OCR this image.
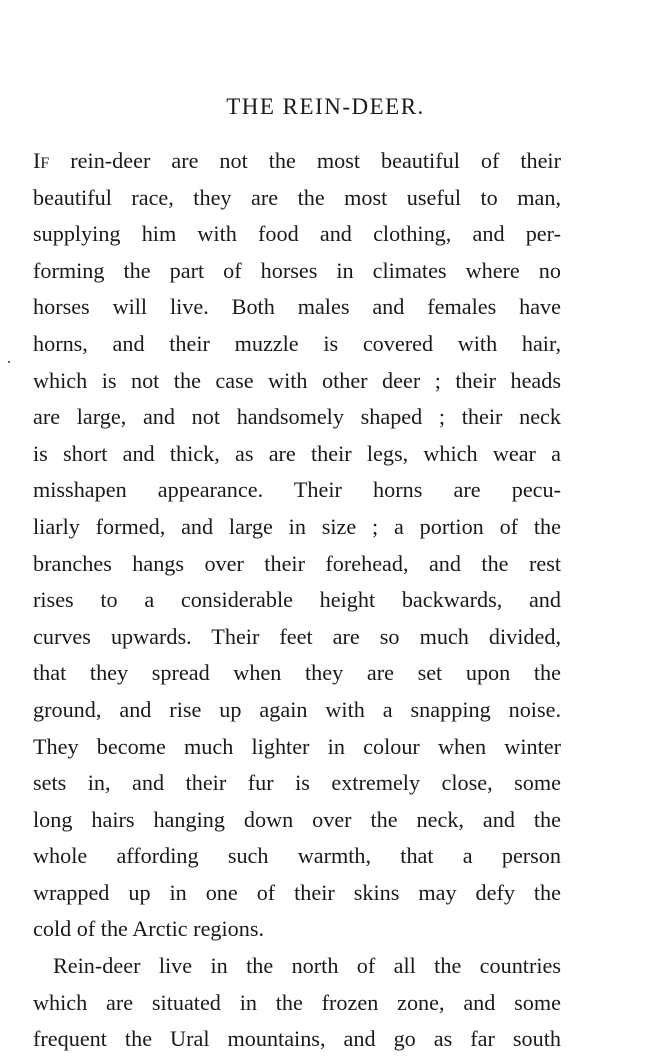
THE REIN-DEER.
If rein-deer are not the most beautiful of their
beautiful race, they are the most useful to man,
supplying him with food and clothing, and per-
forming the part of horses in climates where no
horses will live. Both males and females have
horns, and their muzzle is covered with hair,
which is not the case with other deer ; their heads
are large, and not handsomely shaped ; their neck
is short and thick, as are their legs, which wear a
misshapen appearance. Their horns are pecu-
liarly formed, and large in size ; a portion of the
branches hangs over their forehead, and the rest
rises to a considerable height backwards, and
curves upwards. Their feet are so much divided,
that they spread when they are set upon the
ground, and rise up again with a snapping noise.
They become much lighter in colour when winter
sets in, and their fur is extremely close, some
long hairs hanging down over the neck, and the
whole affording such warmth, that a person
wrapped up in one of their skins may defy the
cold of the Arctic regions.
Rein-deer live in the north of all the countries
which are situated in the frozen zone, and some
frequent the Ural mountains, and go as far south
